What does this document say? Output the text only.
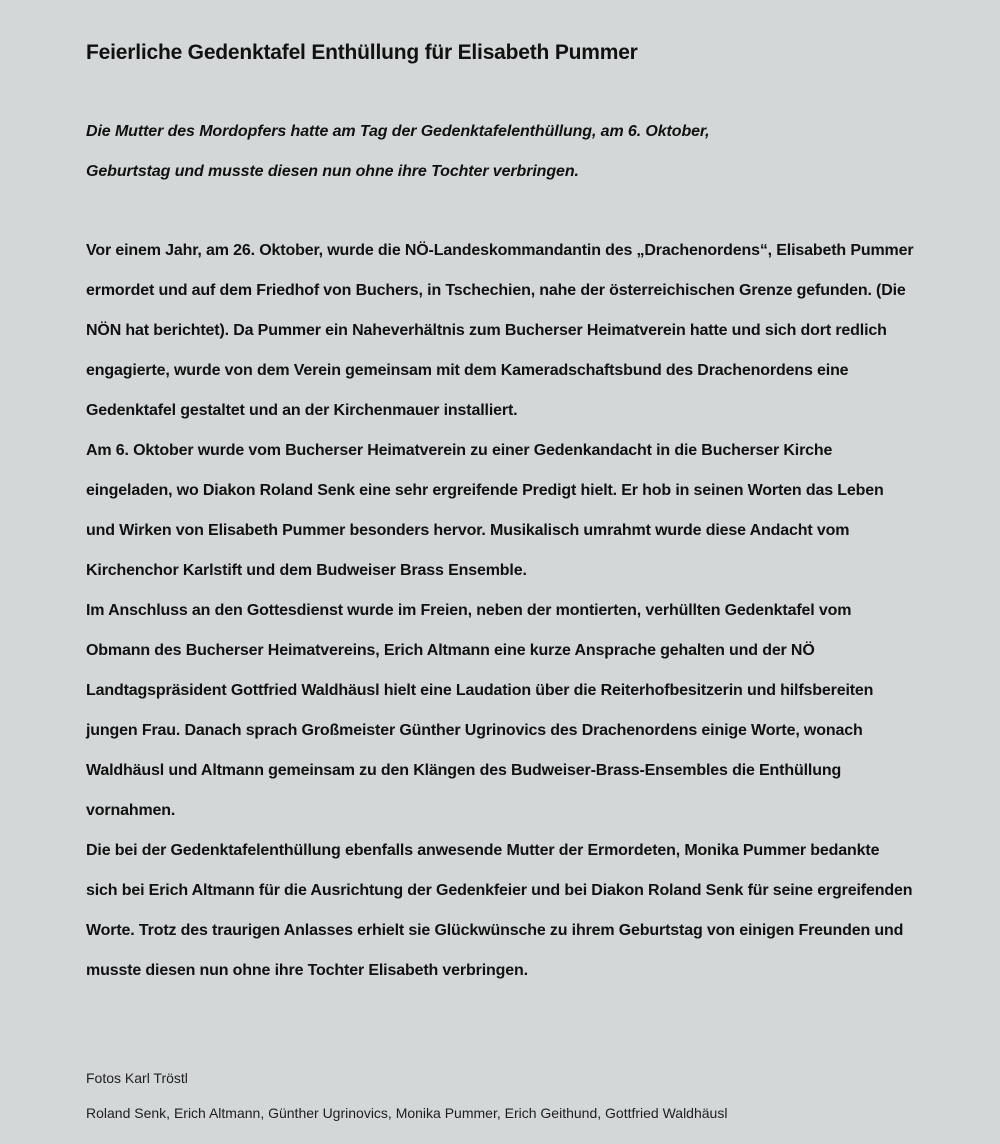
Feierliche Gedenktafel Enthüllung für Elisabeth Pummer
Die Mutter des Mordopfers hatte am Tag der Gedenktafelenthüllung, am 6. Oktober,
Geburtstag und musste diesen nun ohne ihre Tochter verbringen.

Vor einem Jahr, am 26. Oktober, wurde die NÖ-Landeskommandantin des „Drachenordens“, Elisabeth Pummer ermordet und auf dem Friedhof von Buchers, in Tschechien, nahe der österreichischen Grenze gefunden. (Die NÖN hat berichtet). Da Pummer ein Naheverhältnis zum Bucherser Heimatverein hatte und sich dort redlich engagierte, wurde von dem Verein gemeinsam mit dem Kameradschaftsbund des Drachenordens eine Gedenktafel gestaltet und an der Kirchenmauer installiert.

Am 6. Oktober wurde vom Bucherser Heimatverein zu einer Gedenkandacht in die Bucherser Kirche eingeladen, wo Diakon Roland Senk eine sehr ergreifende Predigt hielt. Er hob in seinen Worten das Leben und Wirken von Elisabeth Pummer besonders hervor. Musikalisch umrahmt wurde diese Andacht vom Kirchenchor Karlstift und dem Budweiser Brass Ensemble.

Im Anschluss an den Gottesdienst wurde im Freien, neben der montierten, verhüllten Gedenktafel vom Obmann des Bucherser Heimatvereins, Erich Altmann eine kurze Ansprache gehalten und der NÖ Landtagspräsident Gottfried Waldhäusl hielt eine Laudation über die Reiterhofbesitzerin und hilfsbereiten jungen Frau. Danach sprach Großmeister Günther Ugrinovics des Drachenordens einige Worte, wonach Waldhäusl und Altmann gemeinsam zu den Klängen des Budweiser-Brass-Ensembles die Enthüllung vornahmen.

Die bei der Gedenktafelenthüllung ebenfalls anwesende Mutter der Ermordeten, Monika Pummer bedankte sich bei Erich Altmann für die Ausrichtung der Gedenkfeier und bei Diakon Roland Senk für seine ergreifenden Worte. Trotz des traurigen Anlasses erhielt sie Glückwünsche zu ihrem Geburtstag von einigen Freunden und musste diesen nun ohne ihre Tochter Elisabeth verbringen.

Fotos Karl Tröstl
Roland Senk, Erich Altmann, Günther Ugrinovics, Monika Pummer, Erich Geithund, Gottfried Waldhäusl
